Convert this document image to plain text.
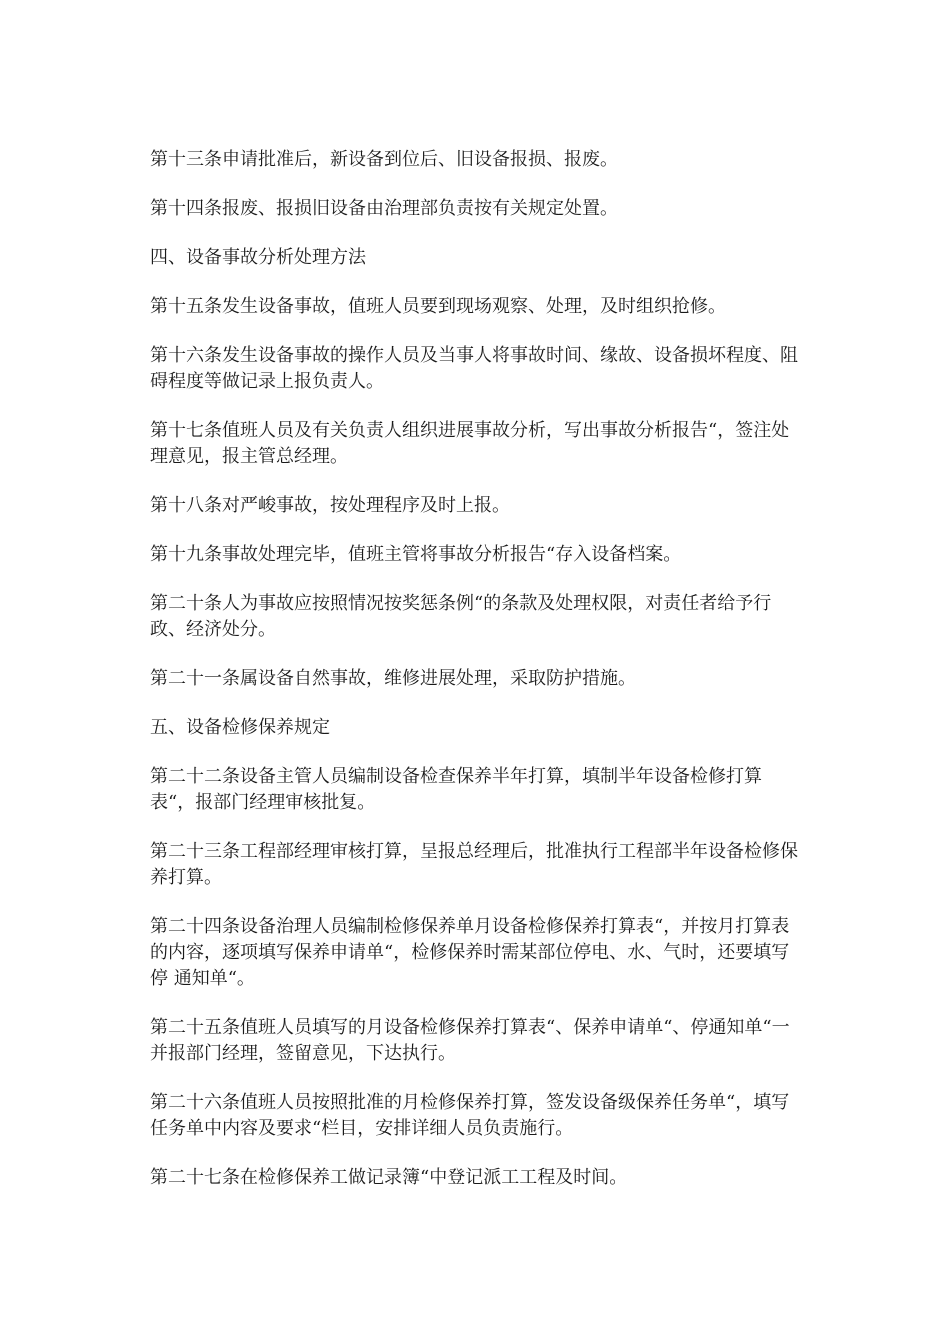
第十三条申请批准后，新设备到位后、旧设备报损、报废。

第十四条报废、报损旧设备由治理部负责按有关规定处置。

四、设备事故分析处理方法

第十五条发生设备事故，值班人员要到现场观察、处理，及时组织抢修。

第十六条发生设备事故的操作人员及当事人将事故时间、缘故、设备损坏程度、阻碍程度等做记录上报负责人。

第十七条值班人员及有关负责人组织进展事故分析，写出事故分析报告“，签注处理意见，报主管总经理。

第十八条对严峻事故，按处理程序及时上报。

第十九条事故处理完毕，值班主管将事故分析报告“存入设备档案。

第二十条人为事故应按照情况按奖惩条例“的条款及处理权限，对责任者给予行政、经济处分。

第二十一条属设备自然事故，维修进展处理，采取防护措施。

五、设备检修保养规定

第二十二条设备主管人员编制设备检查保养半年打算，填制半年设备检修打算表“，报部门经理审核批复。

第二十三条工程部经理审核打算，呈报总经理后，批准执行工程部半年设备检修保养打算。

第二十四条设备治理人员编制检修保养单月设备检修保养打算表“，并按月打算表的内容，逐项填写保养申请单“，检修保养时需某部位停电、水、气时，还要填写停 通知单“。

第二十五条值班人员填写的月设备检修保养打算表“、保养申请单“、停通知单“一并报部门经理，签留意见，下达执行。

第二十六条值班人员按照批准的月检修保养打算，签发设备级保养任务单“，填写任务单中内容及要求“栏目，安排详细人员负责施行。

第二十七条在检修保养工做记录簿“中登记派工工程及时间。
